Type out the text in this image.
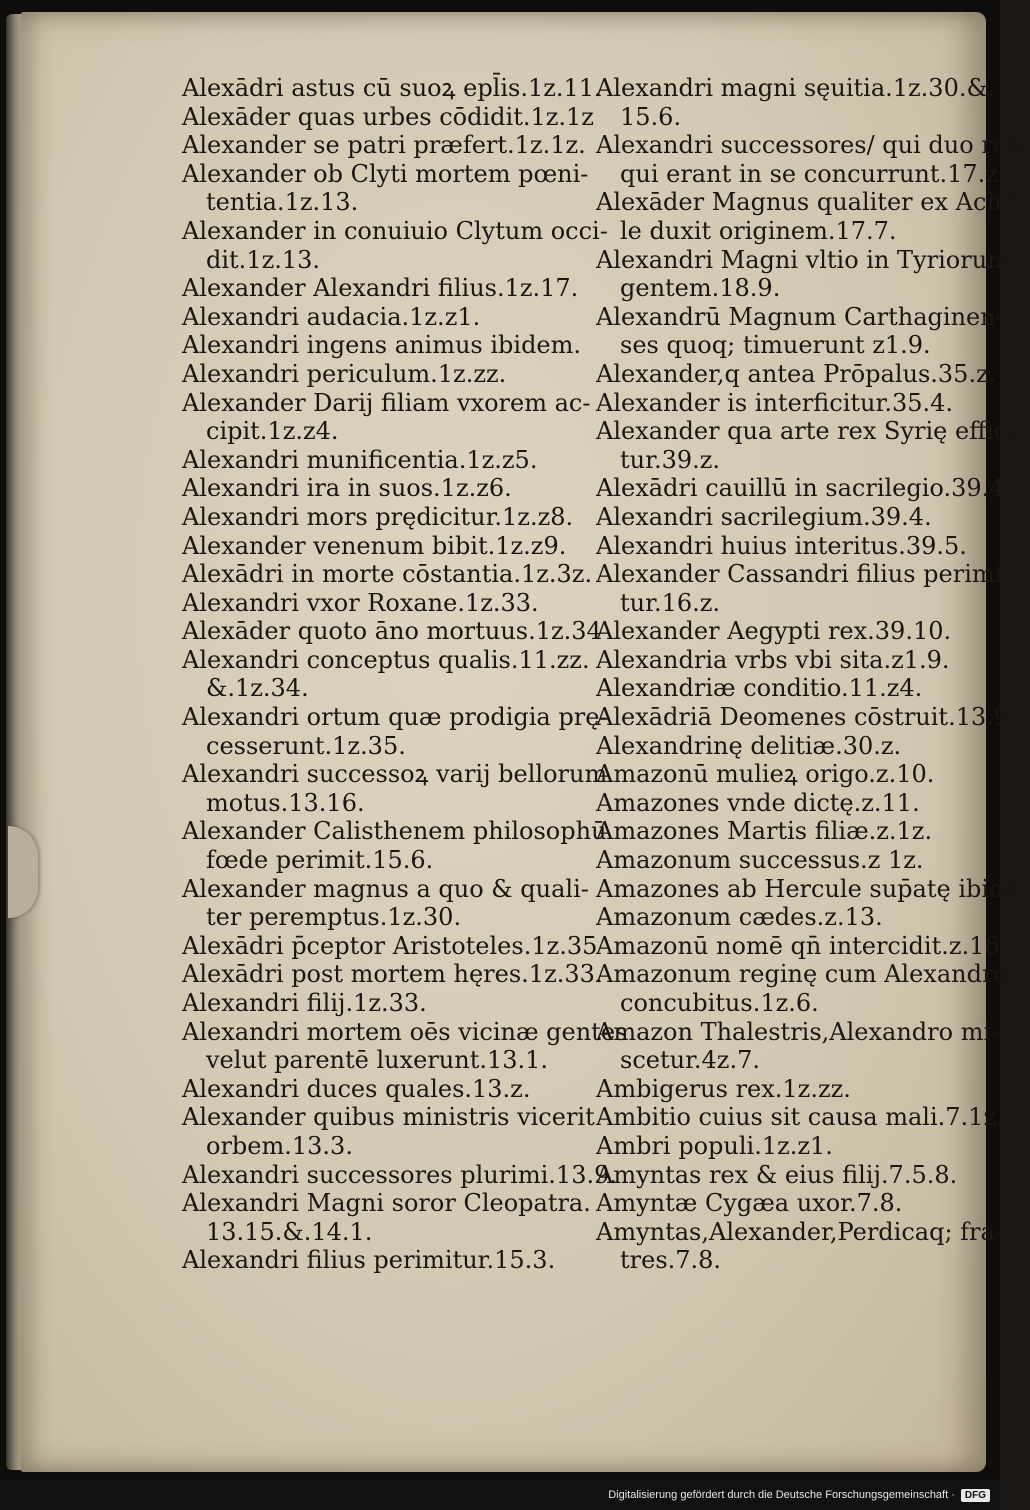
Alexādri astus cū suoꝝ epl̄is.1z.11.
Alexāder quas urbes cōdidit.1z.1z
Alexander se patri præfert.1z.1z.
Alexander ob Clyti mortem pœni-
tentia.1z.13.
Alexander in conuiuio Clytum occi-
dit.1z.13.
Alexander Alexandri filius.1z.17.
Alexandri audacia.1z.z1.
Alexandri ingens animus ibidem.
Alexandri periculum.1z.zz.
Alexander Darij filiam vxorem ac-
cipit.1z.z4.
Alexandri munificentia.1z.z5.
Alexandri ira in suos.1z.z6.
Alexandri mors prędicitur.1z.z8.
Alexander venenum bibit.1z.z9.
Alexādri in morte cōstantia.1z.3z.
Alexandri vxor Roxane.1z.33.
Alexāder quoto āno mortuus.1z.34
Alexandri conceptus qualis.11.zz.
&.1z.34.
Alexandri ortum quæ prodigia prę-
cesserunt.1z.35.
Alexandri successoꝝ varij bellorum
motus.13.16.
Alexander Calisthenem philosophū
fœde perimit.15.6.
Alexander magnus a quo & quali-
ter peremptus.1z.30.
Alexādri p̄ceptor Aristoteles.1z.35
Alexādri post mortem hęres.1z.33.
Alexandri filij.1z.33.
Alexandri mortem oēs vicinæ gentes
velut parentē luxerunt.13.1.
Alexandri duces quales.13.z.
Alexander quibus ministris vicerit
orbem.13.3.
Alexandri successores plurimi.13.9.
Alexandri Magni soror Cleopatra.
13.15.&.14.1.
Alexandri filius perimitur.15.3.
Alexandri magni sęuitia.1z.30.&.
15.6.
Alexandri successores/ qui duo reli-
qui erant in se concurrunt.17.z.
Alexāder Magnus qualiter ex Achil
le duxit originem.17.7.
Alexandri Magni vltio in Tyriorum
gentem.18.9.
Alexandrū Magnum Carthaginen-
ses quoq; timuerunt z1.9.
Alexander,q antea Prōpalus.35.z.
Alexander is interficitur.35.4.
Alexander qua arte rex Syrię effici-
tur.39.z.
Alexādri cauillū in sacrilegio.39.4.
Alexandri sacrilegium.39.4.
Alexandri huius interitus.39.5.
Alexander Cassandri filius perimi-
tur.16.z.
Alexander Aegypti rex.39.10.
Alexandria vrbs vbi sita.z1.9.
Alexandriæ conditio.11.z4.
Alexādriā Deomenes cōstruit.13.9.
Alexandrinę delitiæ.30.z.
Amazonū mulieꝝ origo.z.10.
Amazones vnde dictę.z.11.
Amazones Martis filiæ.z.1z.
Amazonum successus.z 1z.
Amazones ab Hercule sup̄atę ibidē
Amazonum cædes.z.13.
Amazonū nomē qn̄ intercidit.z.16.
Amazonum reginę cum Alexandro
concubitus.1z.6.
Amazon Thalestris,Alexandro mi-
scetur.4z.7.
Ambigerus rex.1z.zz.
Ambitio cuius sit causa mali.7.1z.
Ambri populi.1z.z1.
Amyntas rex & eius filij.7.5.8.
Amyntæ Cygæa uxor.7.8.
Amyntas,Alexander,Perdicaq; fra-
tres.7.8.
Digitalisierung gefördert durch die Deutsche Forschungsgemeinschaft ·	DFG
